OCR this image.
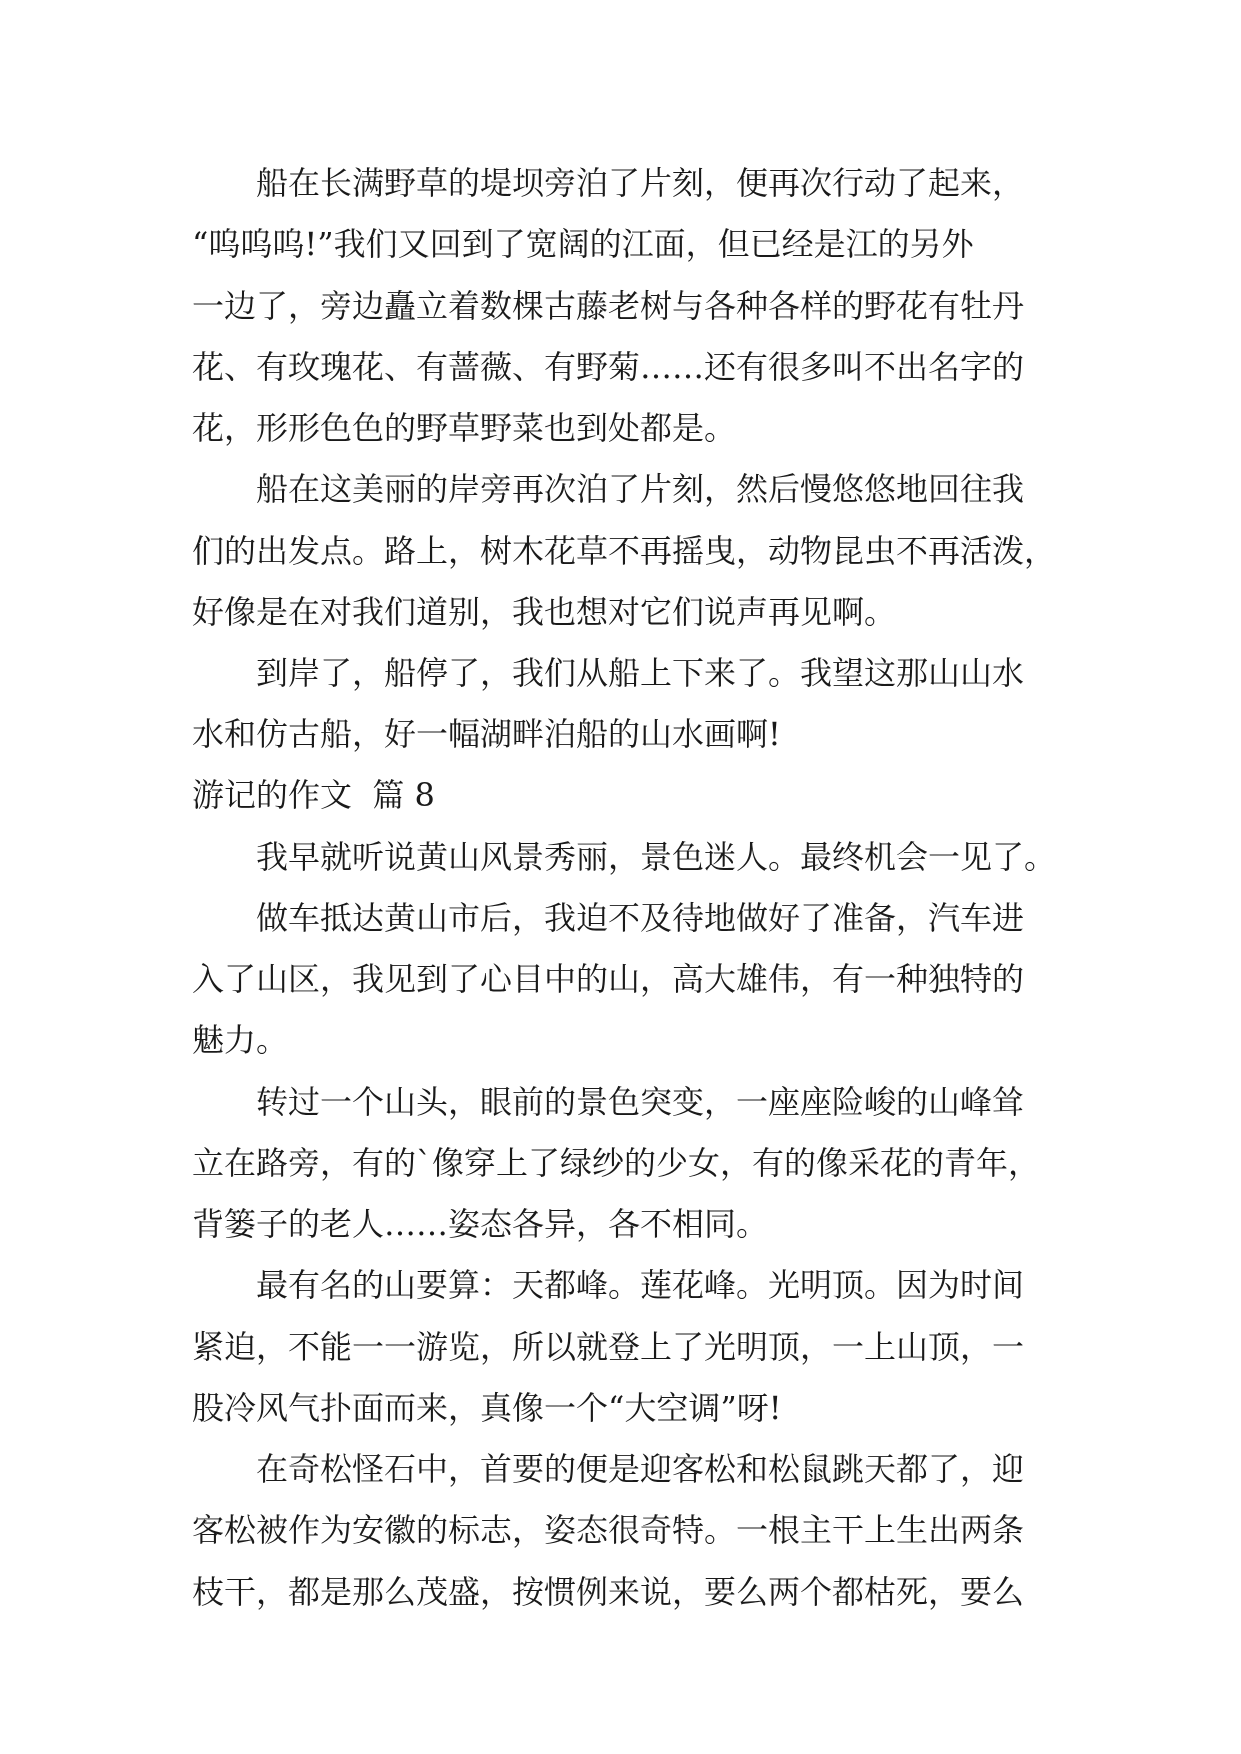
　　船在长满野草的堤坝旁泊了片刻，便再次行动了起来，
“呜呜呜!”我们又回到了宽阔的江面，但已经是江的另外
一边了，旁边矗立着数棵古藤老树与各种各样的野花有牡丹
花、有玫瑰花、有蔷薇、有野菊……还有很多叫不出名字的
花，形形色色的野草野菜也到处都是。
　　船在这美丽的岸旁再次泊了片刻，然后慢悠悠地回往我
们的出发点。路上，树木花草不再摇曳，动物昆虫不再活泼，
好像是在对我们道别，我也想对它们说声再见啊。
　　到岸了，船停了，我们从船上下来了。我望这那山山水
水和仿古船，好一幅湖畔泊船的山水画啊!
游记的作文  篇 8
　　我早就听说黄山风景秀丽，景色迷人。最终机会一见了。
　　做车抵达黄山市后，我迫不及待地做好了准备，汽车进
入了山区，我见到了心目中的山，高大雄伟，有一种独特的
魅力。
　　转过一个山头，眼前的景色突变，一座座险峻的山峰耸
立在路旁，有的`像穿上了绿纱的少女，有的像采花的青年，
背篓子的老人……姿态各异，各不相同。
　　最有名的山要算：天都峰。莲花峰。光明顶。因为时间
紧迫，不能一一游览，所以就登上了光明顶，一上山顶，一
股冷风气扑面而来，真像一个“大空调”呀!
　　在奇松怪石中，首要的便是迎客松和松鼠跳天都了，迎
客松被作为安徽的标志，姿态很奇特。一根主干上生出两条
枝干，都是那么茂盛，按惯例来说，要么两个都枯死，要么
